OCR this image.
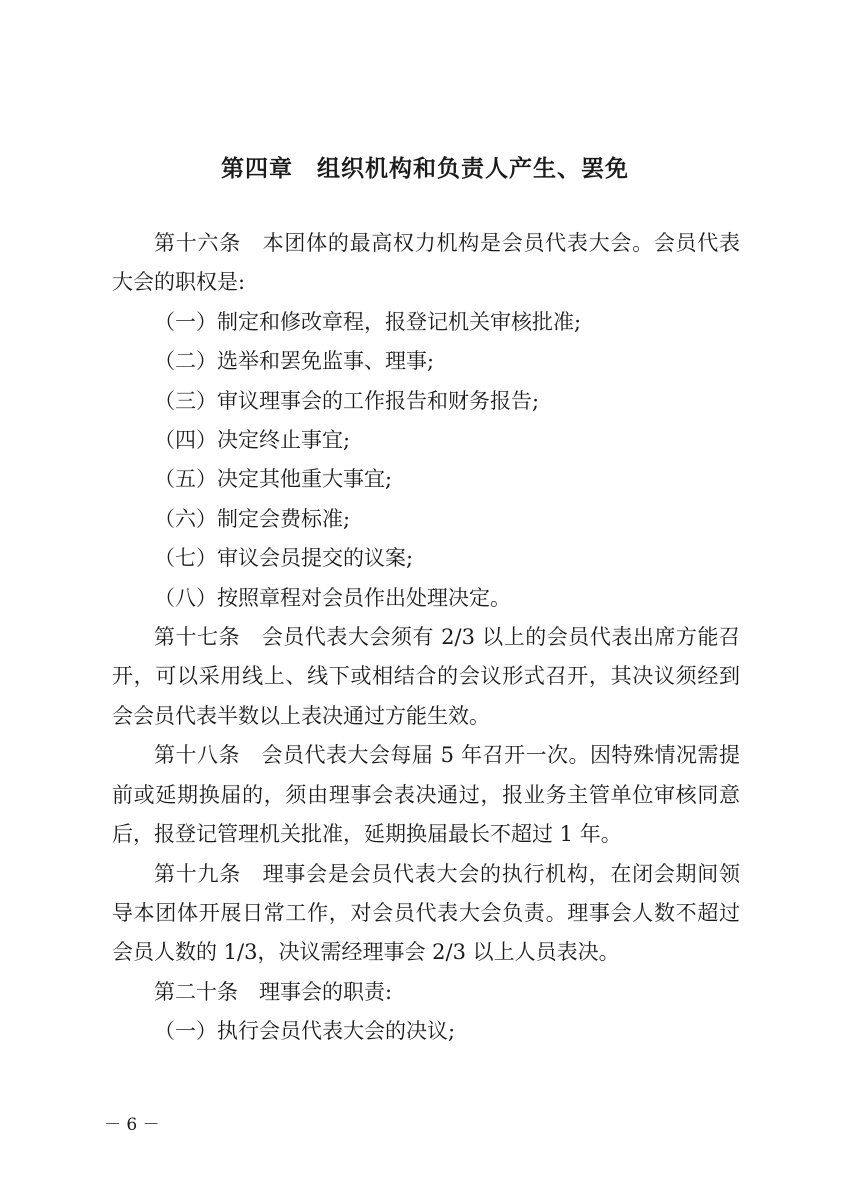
第四章　组织机构和负责人产生、罢免

第十六条　 本团体的最高权力机构是会员代表大会。会员代表大会的职权是:

（一）制定和修改章程，报登记机关审核批准;

（二）选举和罢免监事、理事;

（三）审议理事会的工作报告和财务报告;

（四）决定终止事宜;

（五）决定其他重大事宜;

（六）制定会费标准;

（七）审议会员提交的议案;

（八）按照章程对会员作出处理决定。

第十七条　 会员代表大会须有 2/3 以上的会员代表出席方能召开，可以采用线上、线下或相结合的会议形式召开，其决议须经到会会员代表半数以上表决通过方能生效。

第十八条　 会员代表大会每届 5 年召开一次。因特殊情况需提前或延期换届的，须由理事会表决通过，报业务主管单位审核同意后，报登记管理机关批准，延期换届最长不超过 1 年。

第十九条　 理事会是会员代表大会的执行机构，在闭会期间领导本团体开展日常工作，对会员代表大会负责。理事会人数不超过会员人数的 1/3，决议需经理事会 2/3 以上人员表决。

第二十条　 理事会的职责:

（一）执行会员代表大会的决议;

－ 6 －
